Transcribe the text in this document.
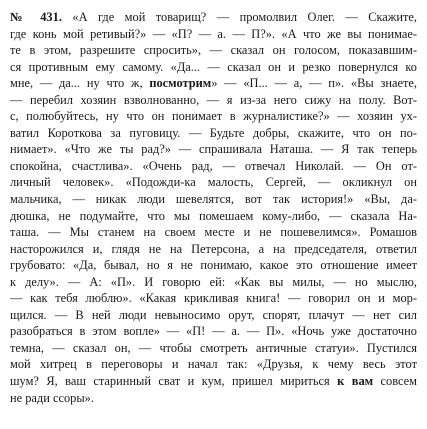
№ 431. «А где мой товарищ? — промолвил Олег. — Скажите,
где конь мой ретивый?» — «П? — а. — П?». «А что же вы понимае-
те в этом, разрешите спросить», — сказал он голосом, показавшим-
ся противным ему самому. «Да... — сказал он и резко повернулся ко
мне, — да... ну что ж, посмотрим» — «П... — а, — п». «Вы знаете,
— перебил хозяин взволнованно, — я из-за него сижу на полу. Вот-
с, полюбуйтесь, ну что он понимает в журналистике?» — хозяин ух-
ватил Короткова за пуговицу. — Будьте добры, скажите, что он по-
нимает». «Что же ты рад?» — спрашивала Наташа. — Я так теперь
спокойна, счастлива». «Очень рад, — отвечал Николай. — Он от-
личный человек». «Подожди-ка малость, Сергей, — окликнул он
мальчика, — никак люди шевелятся, вот так история!» «Вы, да-
дюшка, не подумайте, что мы помешаем кому-либо, — сказала На-
таша. — Мы станем на своем месте и не пошевелимся». Ромашов
насторожился и, глядя не на Петерсона, а на председателя, ответил
грубовато: «Да, бывал, но я не понимаю, какое это отношение имеет
к делу». — А: «П». И говорю ей: «Как вы милы, — но мыслю,
— как тебя люблю». «Какая крикливая книга! — говорил он и мор-
щился. — В ней люди невыносимо орут, спорят, плачут — нет сил
разобраться в этом вопле» — «П! — а. — П». «Ночь уже достаточно
темна, — сказал он, — чтобы смотреть античные статуи». Пустился
мой хитрец в переговоры и начал так: «Друзья, к чему весь этот
шум? Я, ваш старинный сват и кум, пришел мириться к вам совсем
не ради ссоры».
